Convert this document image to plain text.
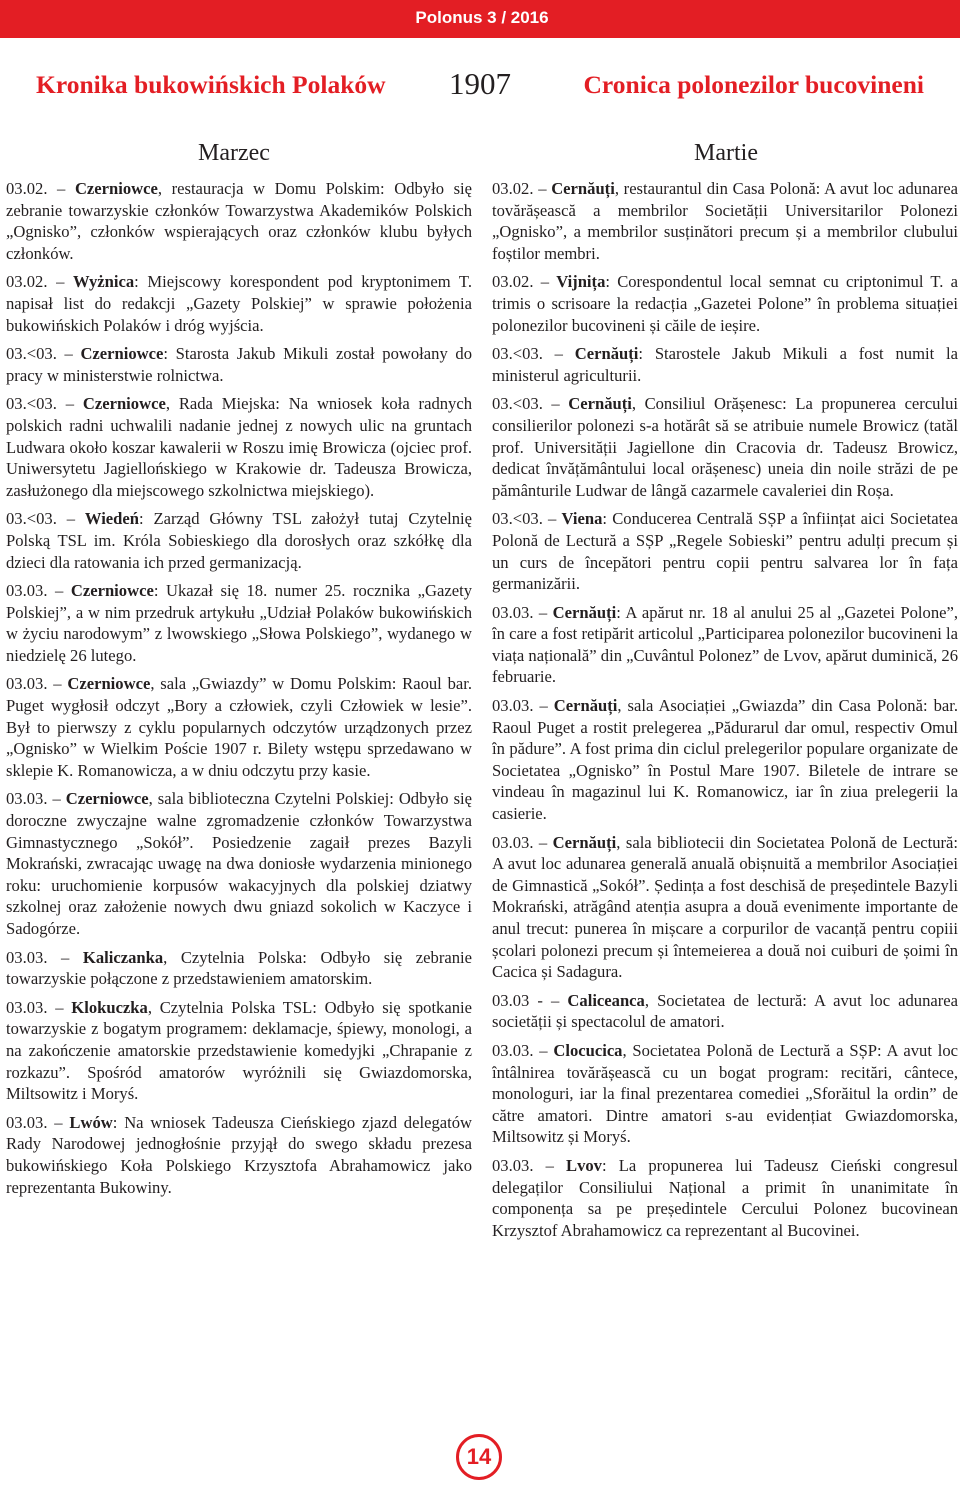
Polonus 3 / 2016
Kronika bukowińskich Polaków 1907	Cronica polonezilor bucovineni
Marzec	Martie

03.02. – Czerniowce, restauracja w Domu Polskim: Odbyło się zebranie towarzyskie członków Towarzystwa Akademików Polskich „Ognisko”, członków wspierających oraz członków klubu byłych członków.

03.02. – Wyżnica: Miejscowy korespondent pod kryptonimem T. napisał list do redakcji „Gazety Polskiej” w sprawie położenia bukowińskich Polaków i dróg wyjścia.

03.<03. – Czerniowce: Starosta Jakub Mikuli został powołany do pracy w ministerstwie rolnictwa.

03.<03. – Czerniowce, Rada Miejska: Na wniosek koła radnych polskich radni uchwalili nadanie jednej z nowych ulic na gruntach Ludwara około koszar kawalerii w Roszu imię Browicza (ojciec prof. Uniwersytetu Jagiellońskiego w Krakowie dr. Tadeusza Browicza, zasłużonego dla miejscowego szkolnictwa miejskiego).

03.<03. – Wiedeń: Zarząd Główny TSL założył tutaj Czytelnię Polską TSL im. Króla Sobieskiego dla dorosłych oraz szkółkę dla dzieci dla ratowania ich przed germanizacją.

03.03. – Czerniowce: Ukazał się 18. numer 25. rocznika „Gazety Polskiej”, a w nim przedruk artykułu „Udział Polaków bukowińskich w życiu narodowym” z lwowskiego „Słowa Polskiego”, wydanego w niedzielę 26 lutego.

03.03. – Czerniowce, sala „Gwiazdy” w Domu Polskim: Raoul bar. Puget wygłosił odczyt „Bory a człowiek, czyli Człowiek w lesie”. Był to pierwszy z cyklu popularnych odczytów urządzonych przez „Ognisko” w Wielkim Poście 1907 r. Bilety wstępu sprzedawano w sklepie K. Romanowicza, a w dniu odczytu przy kasie.

03.03. – Czerniowce, sala biblioteczna Czytelni Polskiej: Odbyło się doroczne zwyczajne walne zgromadzenie członków Towarzystwa Gimnastycznego „Sokół”. Posiedzenie zagaił prezes Bazyli Mokrański, zwracając uwagę na dwa doniosłe wydarzenia minionego roku: uruchomienie korpusów wakacyjnych dla polskiej dziatwy szkolnej oraz założenie nowych dwu gniazd sokolich w Kaczyce i Sadogórze.

03.03. – Kaliczanka, Czytelnia Polska: Odbyło się zebranie towarzyskie połączone z przedstawieniem amatorskim.

03.03. – Klokuczka, Czytelnia Polska TSL: Odbyło się spotkanie towarzyskie z bogatym programem: deklamacje, śpiewy, monologi, a na zakończenie amatorskie przedstawienie komedyjki „Chrapanie z rozkazu”. Spośród amatorów wyróżnili się Gwiazdomorska, Miltsowitz i Moryś.

03.03. – Lwów: Na wniosek Tadeusza Cieńskiego zjazd delegatów Rady Narodowej jednogłośnie przyjął do swego składu prezesa bukowińskiego Koła Polskiego Krzysztofa Abrahamowicz jako reprezentanta Bukowiny.

03.02. – Cernăuți, restaurantul din Casa Polonă: A avut loc adunarea tovărășească a membrilor Societății Universitarilor Polonezi „Ognisko”, a membrilor susținători precum și a membrilor clubului foștilor membri.

03.02. – Vijnița: Corespondentul local semnat cu criptonimul T. a trimis o scrisoare la redacția „Gazetei Polone” în problema situației polonezilor bucovineni și căile de ieșire.

03.<03. – Cernăuți: Starostele Jakub Mikuli a fost numit la ministerul agriculturii.

03.<03. – Cernăuți, Consiliul Orășenesc: La propunerea cercului consilierilor polonezi s-a hotărât să se atribuie numele Browicz (tatăl prof. Universității Jagiellone din Cracovia dr. Tadeusz Browicz, dedicat învățământului local orășenesc) uneia din noile străzi de pe pământurile Ludwar de lângă cazarmele cavaleriei din Roșa.

03.<03. – Viena: Conducerea Centrală SȘP a înființat aici Societatea Polonă de Lectură a SȘP „Regele Sobieski” pentru adulți precum și un curs de începători pentru copii pentru salvarea lor în fața germanizării.

03.03. – Cernăuți: A apărut nr. 18 al anului 25 al „Gazetei Polone”, în care a fost retipărit articolul „Participarea polonezilor bucovineni la viața națională” din „Cuvântul Polonez” de Lvov, apărut duminică, 26 februarie.

03.03. – Cernăuți, sala Asociației „Gwiazda” din Casa Polonă: bar. Raoul Puget a rostit prelegerea „Pădurarul dar omul, respectiv Omul în pădure”. A fost prima din ciclul prelegerilor populare organizate de Societatea „Ognisko” în Postul Mare 1907. Biletele de intrare se vindeau în magazinul lui K. Romanowicz, iar în ziua prelegerii la casierie.

03.03. – Cernăuți, sala bibliotecii din Societatea Polonă de Lectură: A avut loc adunarea generală anuală obișnuită a membrilor Asociației de Gimnastică „Sokół”. Ședința a fost deschisă de președintele Bazyli Mokrański, atrăgând atenția asupra a două evenimente importante de anul trecut: punerea în mișcare a corpurilor de vacanță pentru copiii școlari polonezi precum și întemeierea a două noi cuiburi de șoimi în Cacica și Sadagura.

03.03 - – Caliceanca, Societatea de lectură: A avut loc adunarea societății și spectacolul de amatori.

03.03. – Clocucica, Societatea Polonă de Lectură a SȘP: A avut loc întâlnirea tovărășească cu un bogat program: recitări, cântece, monologuri, iar la final prezentarea comediei „Sforăitul la ordin” de către amatori. Dintre amatori s-au evidențiat Gwiazdomorska, Miltsowitz și Moryś.

03.03. – Lvov: La propunerea lui Tadeusz Cieński congresul delegaților Consiliului Național a primit în unanimitate în componența sa pe președintele Cercului Polonez bucovinean Krzysztof Abrahamowicz ca reprezentant al Bucovinei.

14
